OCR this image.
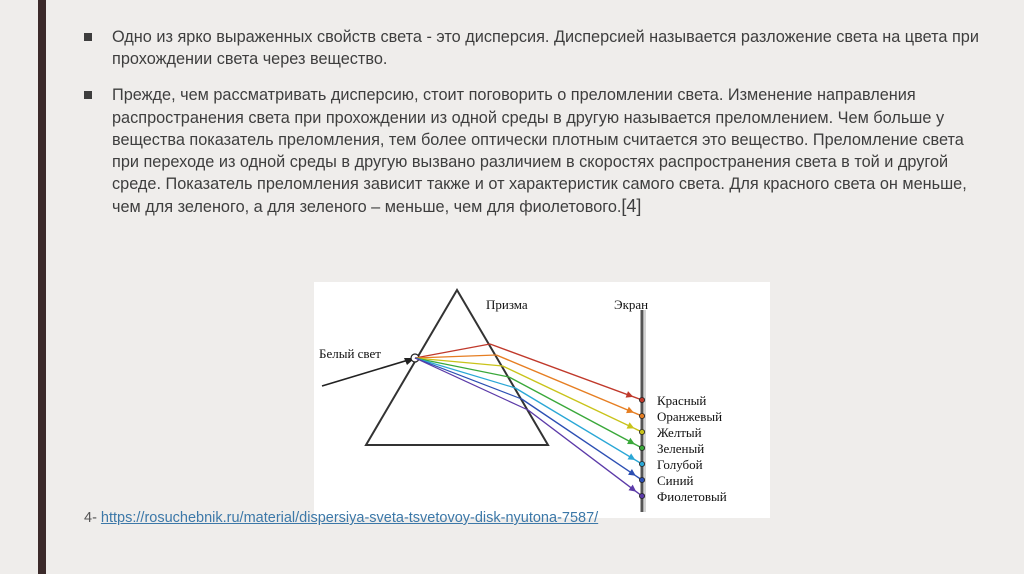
Одно из ярко выраженных свойств света - это дисперсия. Дисперсией называется разложение света на цвета при прохождении света через вещество.

Прежде, чем рассматривать дисперсию, стоит поговорить о преломлении света. Изменение направления распространения света при прохождении из одной среды в другую называется преломлением. Чем больше у вещества показатель преломления, тем более оптически плотным считается это вещество. Преломление света при переходе из одной среды в другую вызвано различием в скоростях распространения света в той и другой среде. Показатель преломления зависит также и от характеристик самого света. Для красного света он меньше, чем для зеленого, а для зеленого – меньше, чем для фиолетового.[4]

Красный
Оранжевый
Желтый
Зеленый
Голубой
Синий
Фиолетовый
Белый свет
Призма	Экран
4- https://rosuchebnik.ru/material/dispersiya-sveta-tsvetovoy-disk-nyutona-7587/
